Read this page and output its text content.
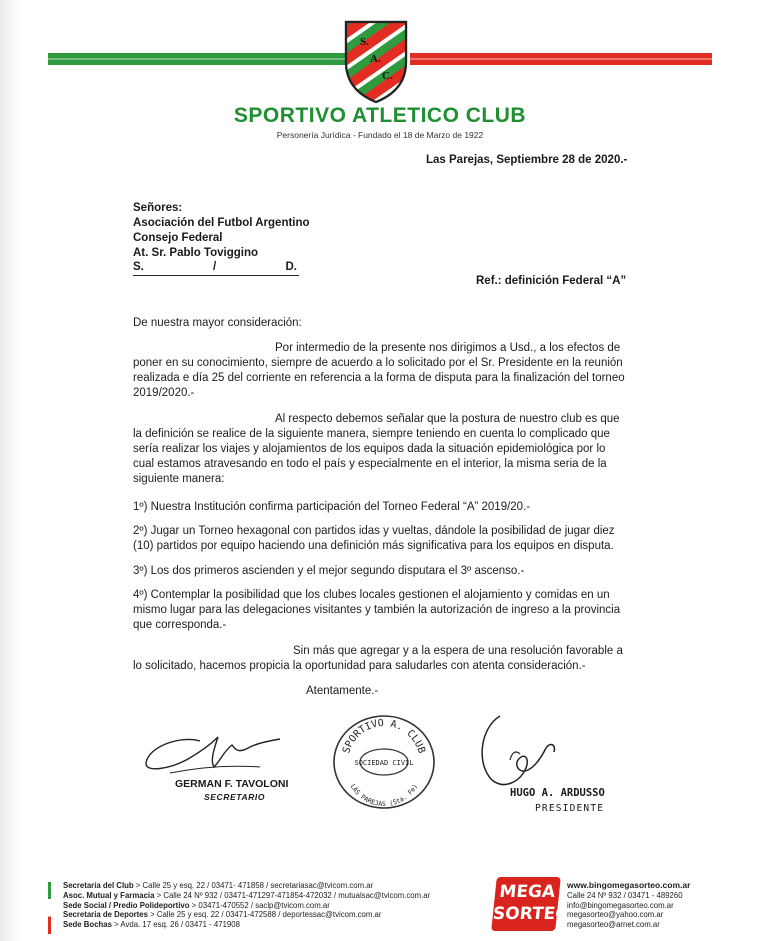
S.
A.
C.
SPORTIVO ATLETICO CLUB
Personería Jurídica - Fundado el 18 de Marzo de 1922
Las Parejas, Septiembre 28 de 2020.-
Señores:
Asociación del Futbol Argentino
Consejo Federal
At. Sr. Pablo Toviggino
S.	/	D.
Ref.: definición Federal “A”

De nuestra mayor consideración:

Por intermedio de la presente nos dirigimos a Usd., a los efectos de poner en su conocimiento, siempre de acuerdo a lo solicitado por el Sr. Presidente en la reunión realizada e día 25 del corriente en referencia a la forma de disputa para la finalización del torneo 2019/2020.-

Al respecto debemos señalar que la postura de nuestro club es que la definición se realice de la siguiente manera, siempre teniendo en cuenta lo complicado que sería realizar los viajes y alojamientos de los equipos dada la situación epidemiológica por lo cual estamos atravesando en todo el país y especialmente en el interior, la misma seria de la siguiente manera:

1º) Nuestra Institución confirma participación del Torneo Federal “A” 2019/20.-

2º) Jugar un Torneo hexagonal con partidos idas y vueltas, dándole la posibilidad de jugar diez (10) partidos por equipo haciendo una definición más significativa para los equipos en disputa.

3º) Los dos primeros ascienden y el mejor segundo disputara el 3º ascenso.-

4º) Contemplar la posibilidad que los clubes locales gestionen el alojamiento y comidas en un mismo lugar para las delegaciones visitantes y también la autorización de ingreso a la provincia que corresponda.-

Sin más que agregar y a la espera de una resolución favorable a lo solicitado, hacemos propicia la oportunidad para saludarles con atenta consideración.-

Atentamente.-

GERMAN F. TAVOLONI
SECRETARIO
SPORTIVO A. CLUB
SOCIEDAD CIVIL
LAS PAREJAS (Sta. Fe)
HUGO A. ARDUSSO
PRESIDENTE
Secretaria del Club > Calle 25 y esq. 22 / 03471- 471858 / secretariasac@tvicom.com.ar
Asoc. Mutual y Farmacia > Calle 24 Nº 932 / 03471-471297-471854-472032 / mutualsac@tvicom.com.ar
Sede Social / Predio Polideportivo > 03471-470552 / saclp@tvicom.com.ar
Secretaria de Deportes > Calle 25 y esq. 22 / 03471-472588 / deportessac@tvicom.com.ar
Sede Bochas > Avda. 17 esq. 26 / 03471 - 471908
MEGA
SORTEO
www.bingomegasorteo.com.ar
Calle 24 Nº 932 / 03471 - 489260
info@bingomegasorteo.com.ar
megasorteo@yahoo.com.ar
megasorteo@arnet.com.ar
